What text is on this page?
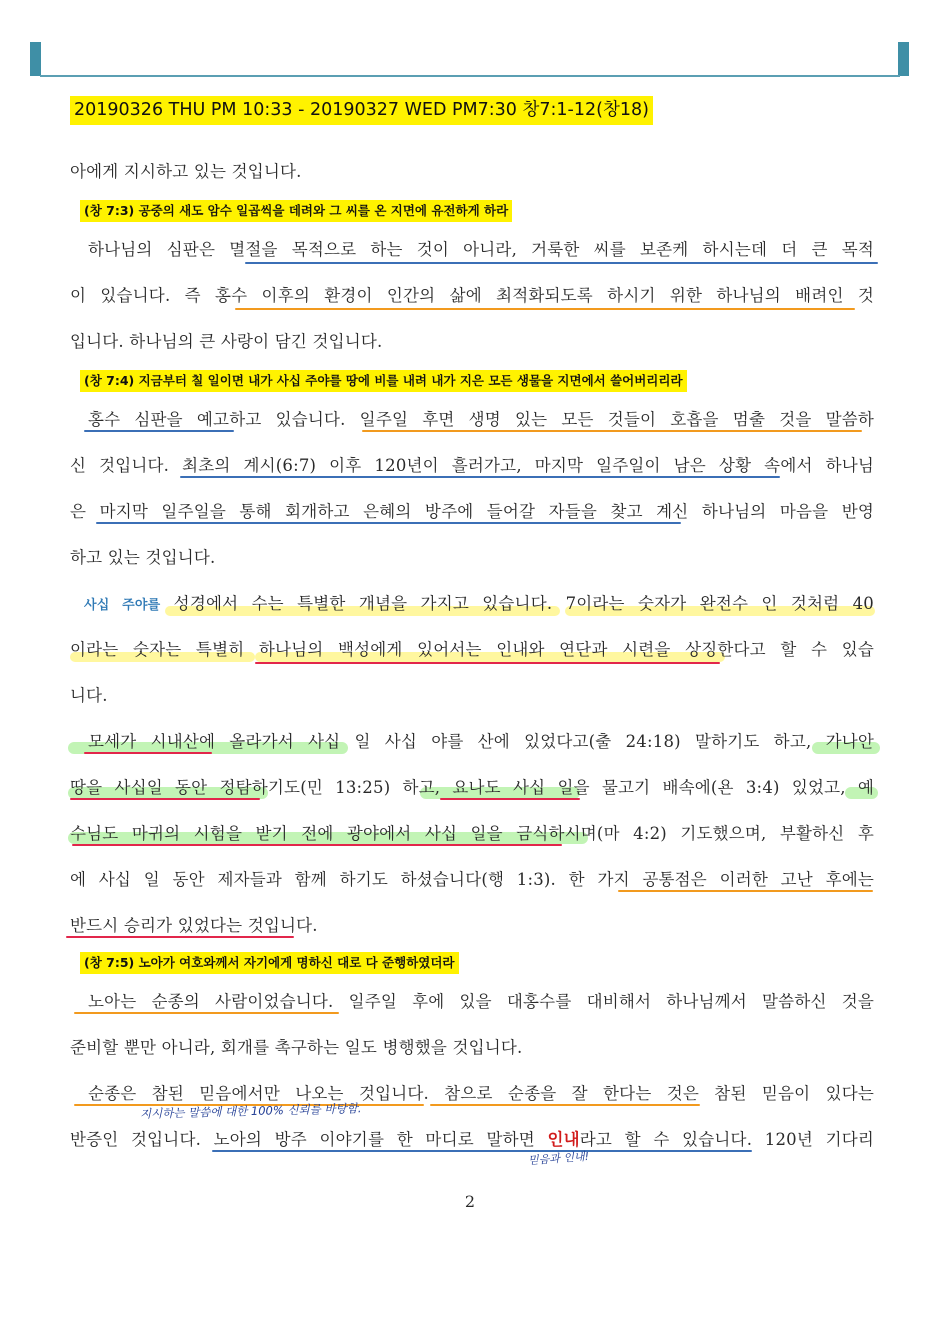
20190326 THU PM 10:33 - 20190327 WED PM7:30 창7:1-12(창18)
아에게 지시하고 있는 것입니다.
(창 7:3) 공중의 새도 암수 일곱씩을 데려와 그 씨를 온 지면에 유전하게 하라
하나님의 심판은 멸절을 목적으로 하는 것이 아니라, 거룩한 씨를 보존케 하시는데 더 큰 목적
이 있습니다. 즉 홍수 이후의 환경이 인간의 삶에 최적화되도록 하시기 위한 하나님의 배려인 것
입니다. 하나님의 큰 사랑이 담긴 것입니다.
(창 7:4) 지금부터 칠 일이면 내가 사십 주야를 땅에 비를 내려 내가 지은 모든 생물을 지면에서 쓸어버리리라
홍수 심판을 예고하고 있습니다. 일주일 후면 생명 있는 모든 것들이 호흡을 멈출 것을 말씀하
신 것입니다. 최초의 계시(6:7) 이후 120년이 흘러가고, 마지막 일주일이 남은 상황 속에서 하나님
은 마지막 일주일을 통해 회개하고 은혜의 방주에 들어갈 자들을 찾고 계신 하나님의 마음을 반영
하고 있는 것입니다.
사십 주야를 성경에서 수는 특별한 개념을 가지고 있습니다. 7이라는 숫자가 완전수 인 것처럼 40
이라는 숫자는 특별히 하나님의 백성에게 있어서는 인내와 연단과 시련을 상징한다고 할 수 있습
니다.
모세가 시내산에 올라가서 사십 일 사십 야를 산에 있었다고(출 24:18) 말하기도 하고, 가나안
땅을 사십일 동안 정탐하기도(민 13:25) 하고, 요나도 사십 일을 물고기 배속에(욘 3:4) 있었고, 예
수님도 마귀의 시험을 받기 전에 광야에서 사십 일을 금식하시며(마 4:2) 기도했으며, 부활하신 후
에 사십 일 동안 제자들과 함께 하기도 하셨습니다(행 1:3). 한 가지 공통점은 이러한 고난 후에는
반드시 승리가 있었다는 것입니다.
(창 7:5) 노아가 여호와께서 자기에게 명하신 대로 다 준행하였더라
노아는 순종의 사람이었습니다. 일주일 후에 있을 대홍수를 대비해서 하나님께서 말씀하신 것을
준비할 뿐만 아니라, 회개를 촉구하는 일도 병행했을 것입니다.
순종은 참된 믿음에서만 나오는 것입니다. 참으로 순종을 잘 한다는 것은 참된 믿음이 있다는
반증인 것입니다. 노아의 방주 이야기를 한 마디로 말하면 인내라고 할 수 있습니다. 120년 기다리
지시하는 말씀에 대한 100% 신뢰를 바탕함.
믿음과 인내!
2
